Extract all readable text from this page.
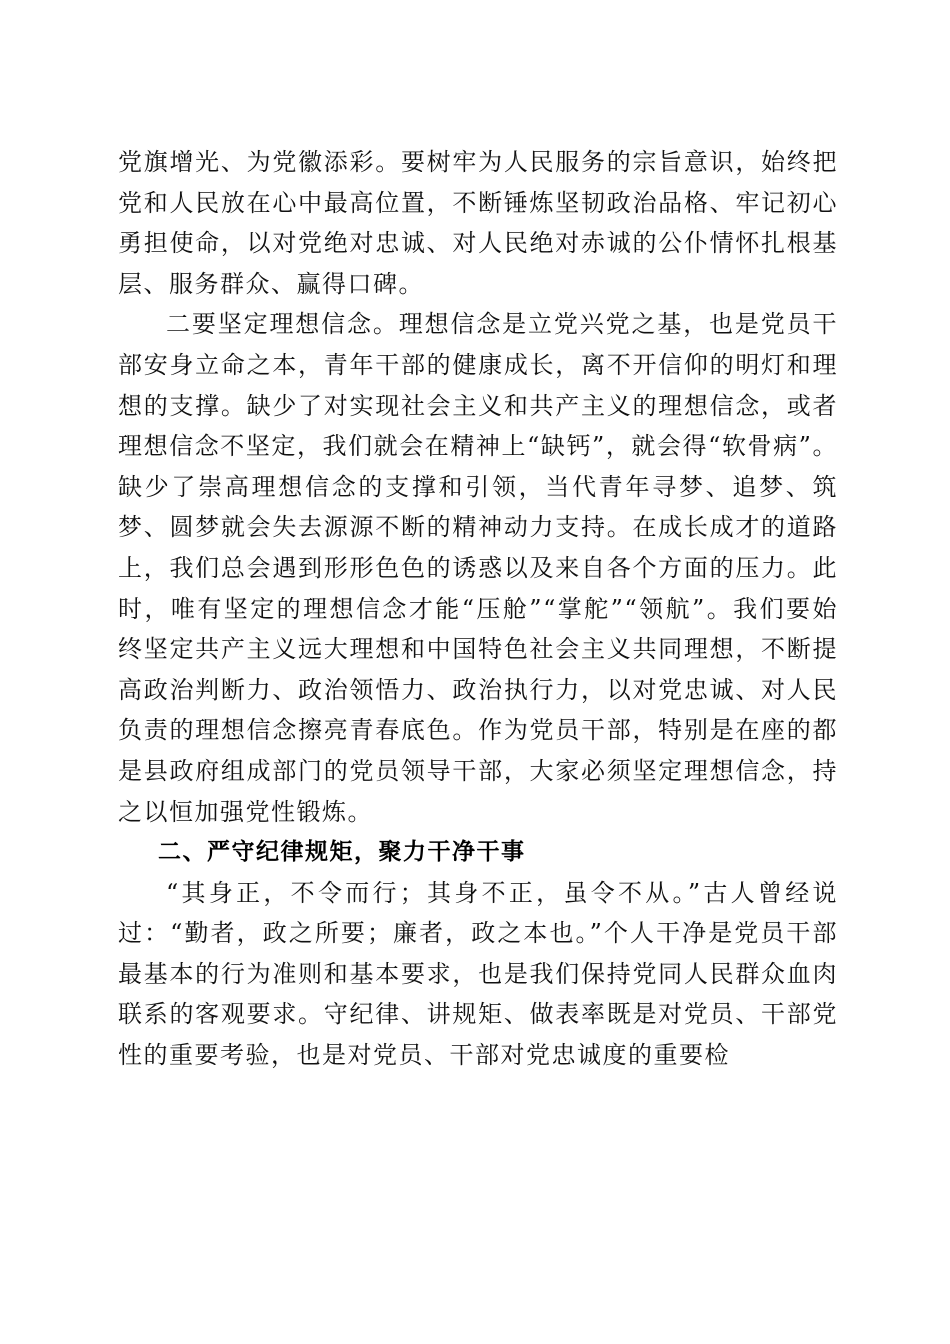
党旗增光、为党徽添彩。要树牢为人民服务的宗旨意识，始终把党和人民放在心中最高位置，不断锤炼坚韧政治品格、牢记初心勇担使命，以对党绝对忠诚、对人民绝对赤诚的公仆情怀扎根基层、服务群众、赢得口碑。

二要坚定理想信念。理想信念是立党兴党之基，也是党员干部安身立命之本，青年干部的健康成长，离不开信仰的明灯和理想的支撑。缺少了对实现社会主义和共产主义的理想信念，或者理想信念不坚定，我们就会在精神上“缺钙”，就会得“软骨病”。缺少了崇高理想信念的支撑和引领，当代青年寻梦、追梦、筑梦、圆梦就会失去源源不断的精神动力支持。在成长成才的道路上，我们总会遇到形形色色的诱惑以及来自各个方面的压力。此时，唯有坚定的理想信念才能“压舱”“掌舵”“领航”。我们要始终坚定共产主义远大理想和中国特色社会主义共同理想，不断提高政治判断力、政治领悟力、政治执行力，以对党忠诚、对人民负责的理想信念擦亮青春底色。作为党员干部，特别是在座的都是县政府组成部门的党员领导干部，大家必须坚定理想信念，持之以恒加强党性锻炼。

二、严守纪律规矩，聚力干净干事

“其身正，不令而行；其身不正，虽令不从。”古人曾经说过：“勤者，政之所要；廉者，政之本也。”个人干净是党员干部最基本的行为准则和基本要求，也是我们保持党同人民群众血肉联系的客观要求。守纪律、讲规矩、做表率既是对党员、干部党性的重要考验，也是对党员、干部对党忠诚度的重要检
